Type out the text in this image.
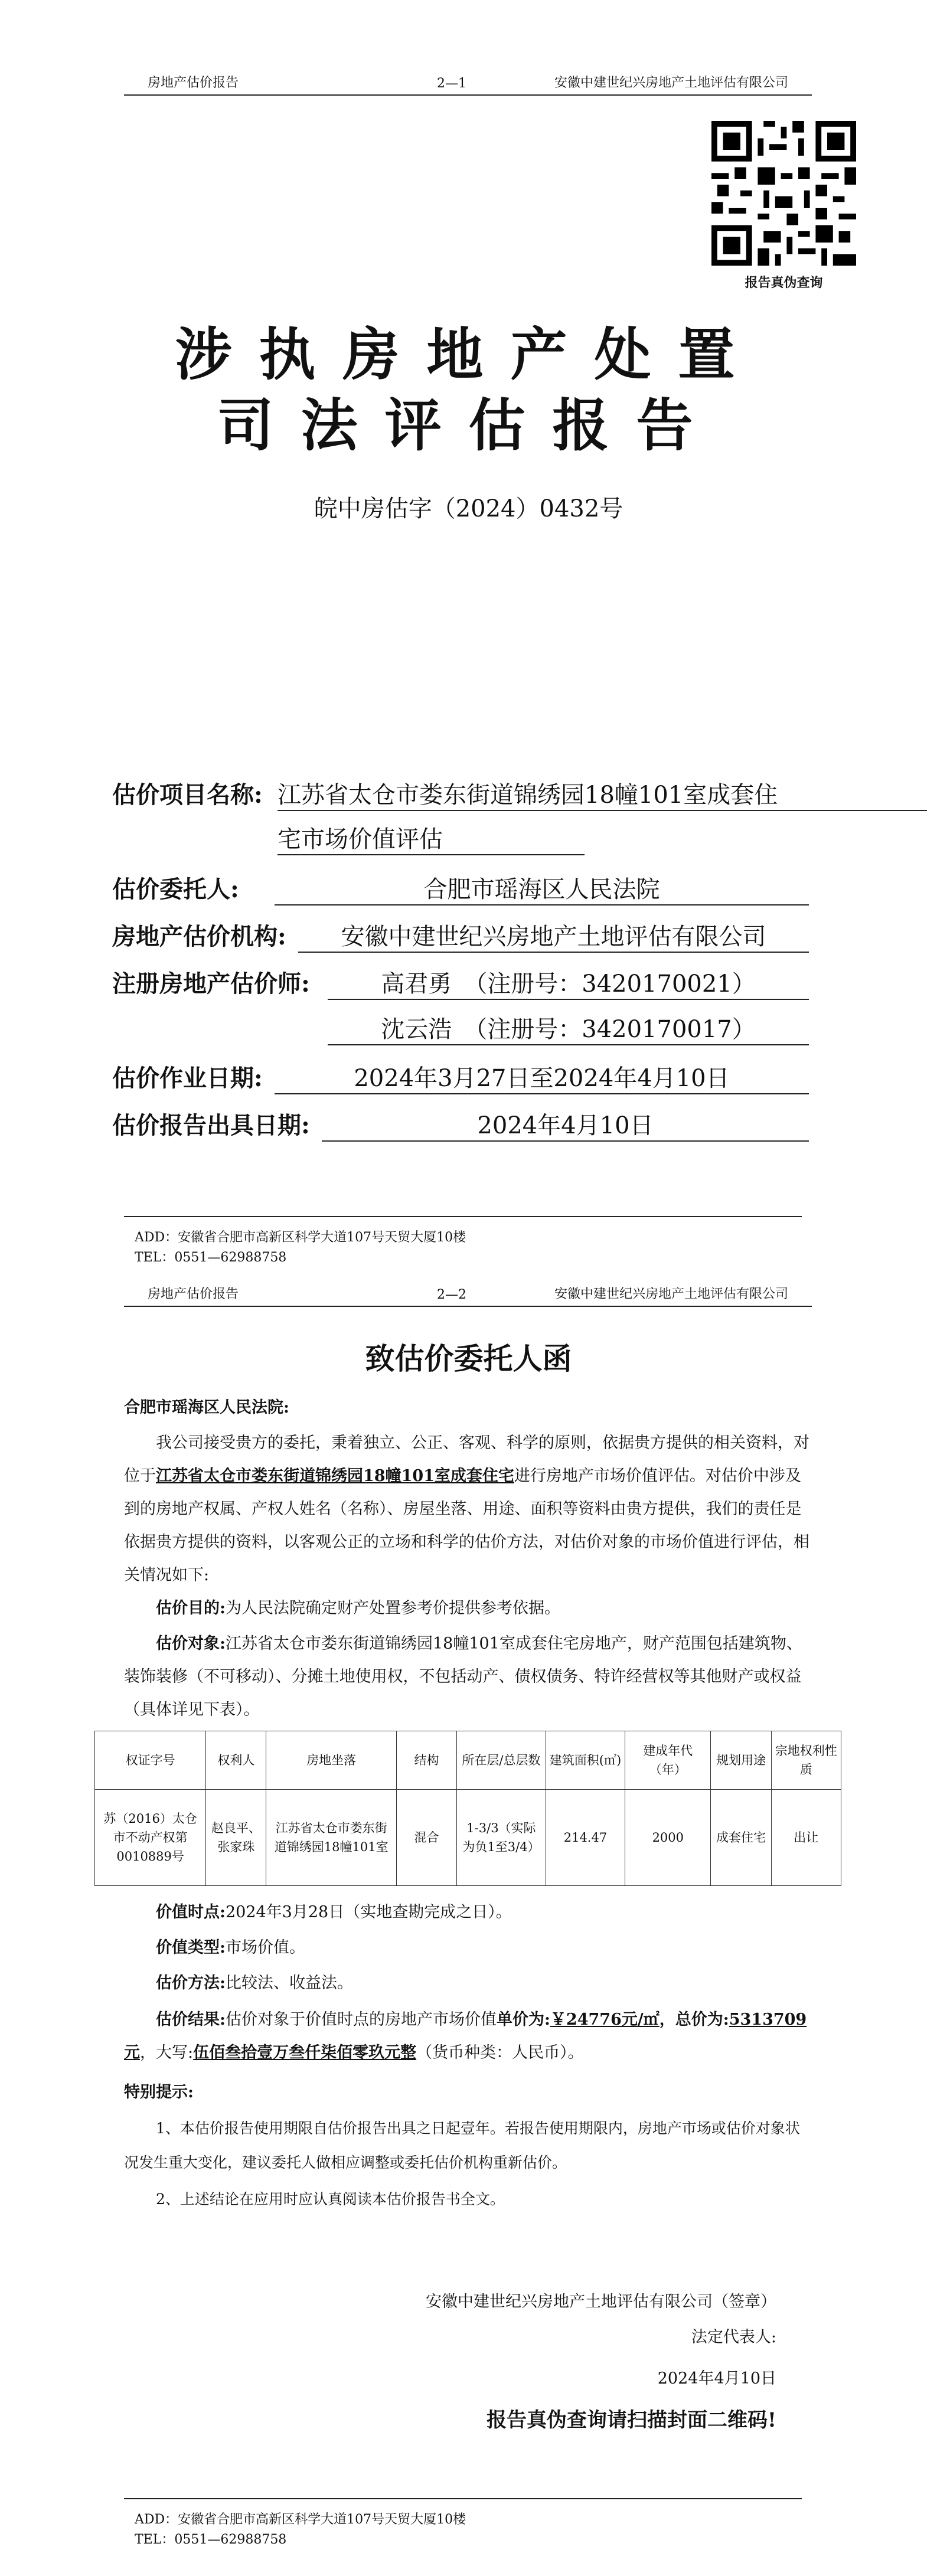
房地产估价报告	2—1	安徽中建世纪兴房地产土地评估有限公司
报告真伪查询
涉执房地产处置
司法评估报告
皖中房估字（2024）0432号
估价项目名称: 江苏省太仓市娄东街道锦绣园18幢101室成套住
宅市场价值评估
估价委托人:	合肥市瑶海区人民法院
房地产估价机构:	安徽中建世纪兴房地产土地评估有限公司
注册房地产估价师:	高君勇　（注册号：3420170021）
沈云浩　（注册号：3420170017）
估价作业日期:	2024年3月27日至2024年4月10日
估价报告出具日期:	2024年4月10日
ADD：安徽省合肥市高新区科学大道107号天贸大厦10楼
TEL：0551—62988758
房地产估价报告	2—2	安徽中建世纪兴房地产土地评估有限公司
致估价委托人函
合肥市瑶海区人民法院:
我公司接受贵方的委托，秉着独立、公正、客观、科学的原则，依据贵方提供的相关资料，对位于江苏省太仓市娄东街道锦绣园18幢101室成套住宅进行房地产市场价值评估。对估价中涉及到的房地产权属、产权人姓名（名称）、房屋坐落、用途、面积等资料由贵方提供，我们的责任是依据贵方提供的资料，以客观公正的立场和科学的估价方法，对估价对象的市场价值进行评估，相关情况如下:
估价目的:为人民法院确定财产处置参考价提供参考依据。
估价对象:江苏省太仓市娄东街道锦绣园18幢101室成套住宅房地产，财产范围包括建筑物、装饰装修（不可移动）、分摊土地使用权，不包括动产、债权债务、特许经营权等其他财产或权益（具体详见下表）。
权证字号	权利人	房地坐落	结构	所在层/总层数	建筑面积(㎡)	建成年代（年）	规划用途	宗地权利性质
苏（2016）太仓市不动产权第0010889号	赵良平、张家珠	江苏省太仓市娄东街道锦绣园18幢101室	混合	1-3/3（实际为负1至3/4）	214.47	2000	成套住宅	出让
价值时点:2024年3月28日（实地查勘完成之日）。
价值类型:市场价值。
估价方法:比较法、收益法。
估价结果:估价对象于价值时点的房地产市场价值单价为:￥24776元/㎡，总价为:5313709元，大写:伍佰叁拾壹万叁仟柒佰零玖元整（货币种类：人民币）。
特别提示:
1、本估价报告使用期限自估价报告出具之日起壹年。若报告使用期限内，房地产市场或估价对象状况发生重大变化，建议委托人做相应调整或委托估价机构重新估价。
2、上述结论在应用时应认真阅读本估价报告书全文。
安徽中建世纪兴房地产土地评估有限公司（签章）
法定代表人:
2024年4月10日
报告真伪查询请扫描封面二维码!
ADD：安徽省合肥市高新区科学大道107号天贸大厦10楼
TEL：0551—62988758
